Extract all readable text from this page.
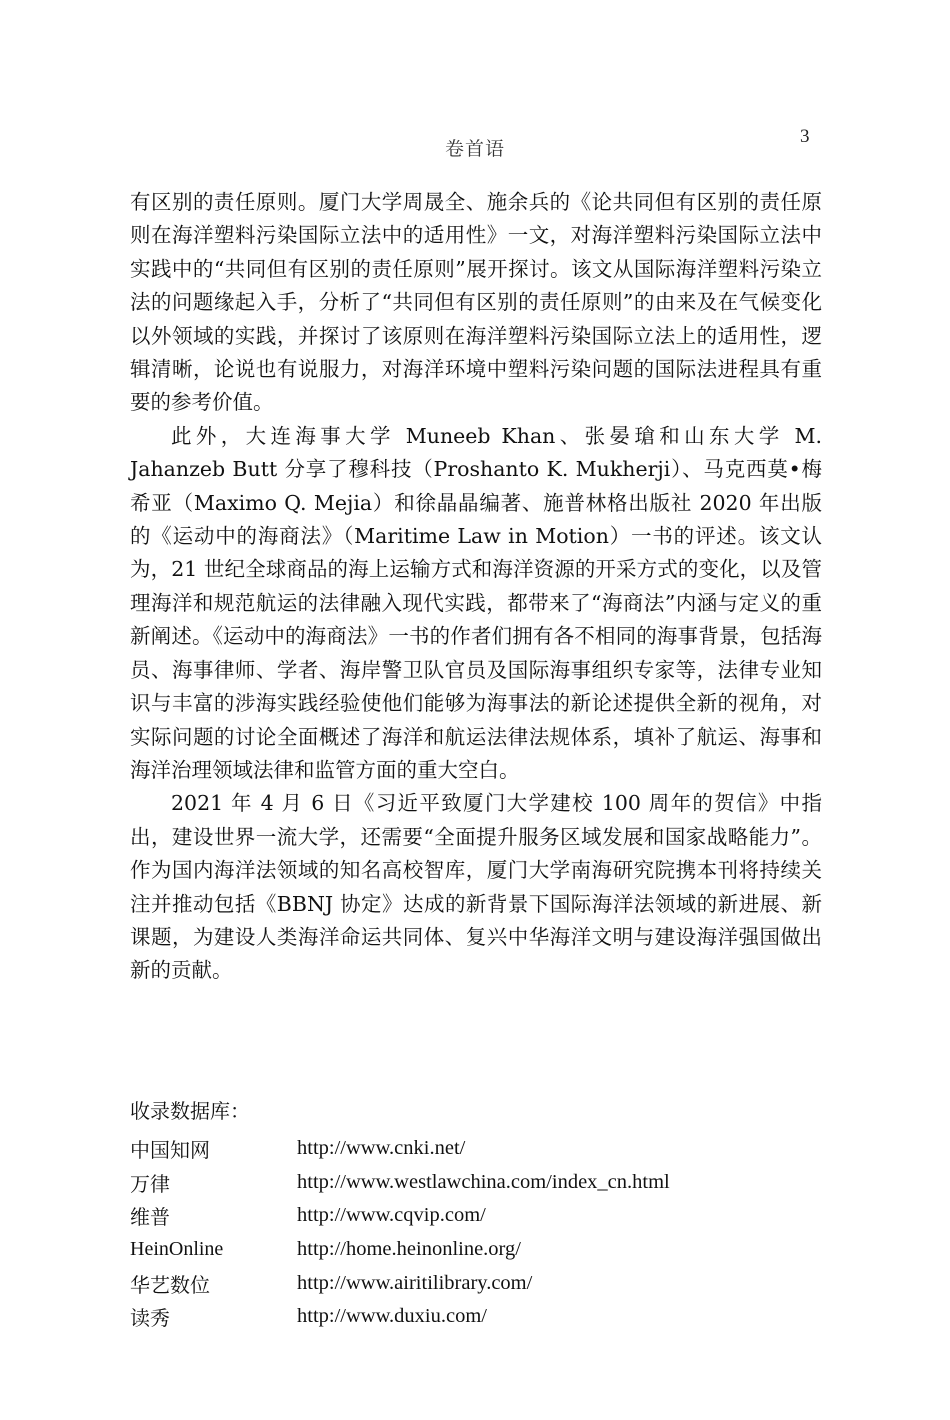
卷首语
3

有区别的责任原则。厦门大学周晟全、施余兵的《论共同但有区别的责任原则在海洋塑料污染国际立法中的适用性》一文，对海洋塑料污染国际立法中实践中的“共同但有区别的责任原则”展开探讨。该文从国际海洋塑料污染立法的问题缘起入手，分析了“共同但有区别的责任原则”的由来及在气候变化以外领域的实践，并探讨了该原则在海洋塑料污染国际立法上的适用性，逻辑清晰，论说也有说服力，对海洋环境中塑料污染问题的国际法进程具有重要的参考价值。

此外，大连海事大学 Muneeb Khan、张晏瑲和山东大学 M. Jahanzeb Butt 分享了穆科技（Proshanto K. Mukherji）、马克西莫•梅希亚（Maximo Q. Mejia）和徐晶晶编著、施普林格出版社 2020 年出版的《运动中的海商法》（Maritime Law in Motion）一书的评述。该文认为，21 世纪全球商品的海上运输方式和海洋资源的开采方式的变化，以及管理海洋和规范航运的法律融入现代实践，都带来了“海商法”内涵与定义的重新阐述。《运动中的海商法》一书的作者们拥有各不相同的海事背景，包括海员、海事律师、学者、海岸警卫队官员及国际海事组织专家等，法律专业知识与丰富的涉海实践经验使他们能够为海事法的新论述提供全新的视角，对实际问题的讨论全面概述了海洋和航运法律法规体系，填补了航运、海事和海洋治理领域法律和监管方面的重大空白。

2021 年 4 月 6 日《习近平致厦门大学建校 100 周年的贺信》中指出，建设世界一流大学，还需要“全面提升服务区域发展和国家战略能力”。作为国内海洋法领域的知名高校智库，厦门大学南海研究院携本刊将持续关注并推动包括《BBNJ 协定》达成的新背景下国际海洋法领域的新进展、新课题，为建设人类海洋命运共同体、复兴中华海洋文明与建设海洋强国做出新的贡献。

收录数据库：
中国知网	http://www.cnki.net/
万律	http://www.westlawchina.com/index_cn.html
维普	http://www.cqvip.com/
HeinOnline	http://home.heinonline.org/
华艺数位	http://www.airitilibrary.com/
读秀	http://www.duxiu.com/
